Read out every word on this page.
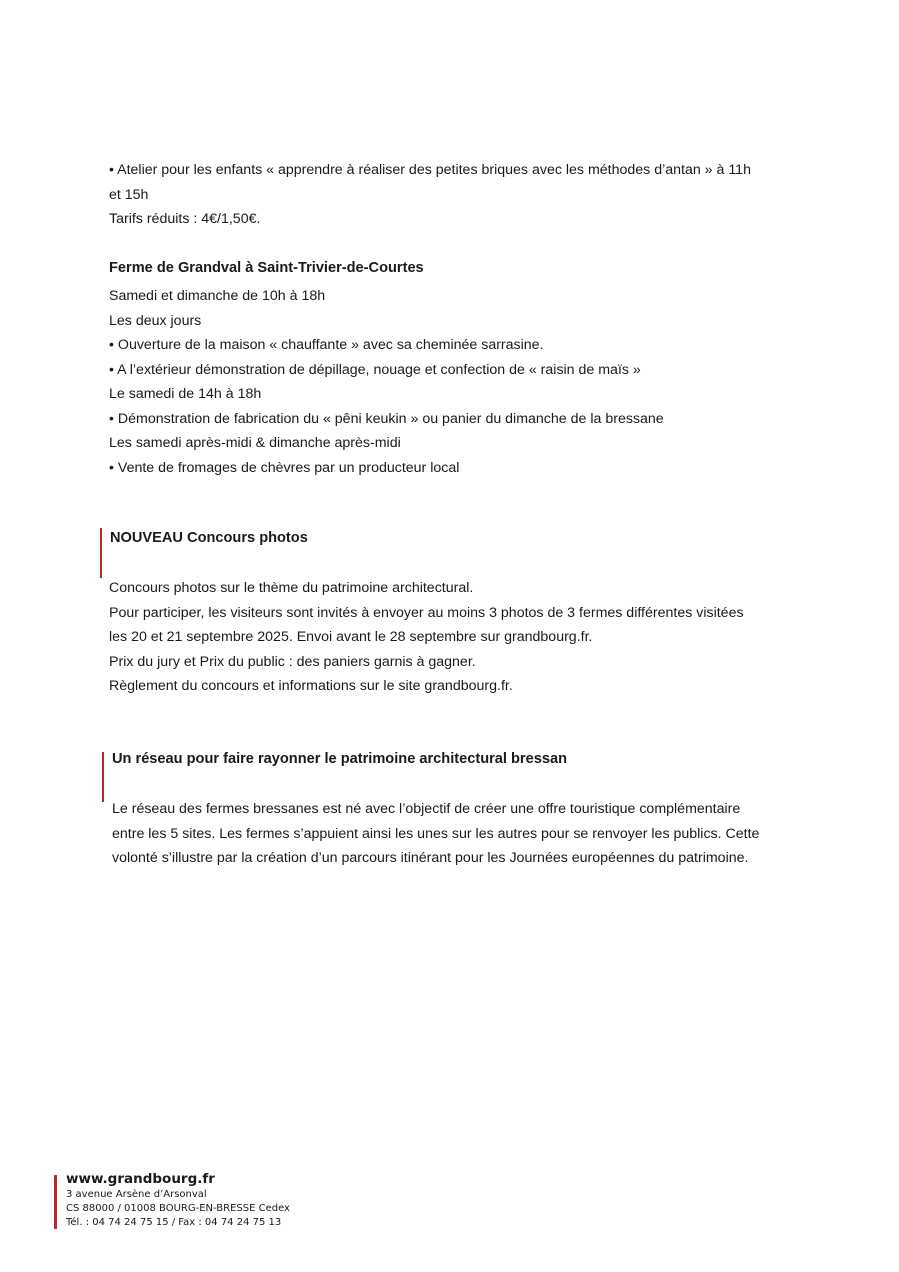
• Atelier pour les enfants « apprendre à réaliser des petites briques avec les méthodes d’antan » à 11h

et 15h

Tarifs réduits : 4€/1,50€.

Ferme de Grandval à Saint-Trivier-de-Courtes

Samedi et dimanche de 10h à 18h

Les deux jours

• Ouverture de la maison « chauffante » avec sa cheminée sarrasine.

• A l’extérieur démonstration de dépillage, nouage et confection de « raisin de maïs »

Le samedi de 14h à 18h

• Démonstration de fabrication du « pêni keukin » ou panier du dimanche de la bressane

Les samedi après-midi & dimanche après-midi

• Vente de fromages de chèvres par un producteur local

NOUVEAU Concours photos

Concours photos sur le thème du patrimoine architectural.

Pour participer, les visiteurs sont invités à envoyer au moins 3 photos de 3 fermes différentes visitées

les 20 et 21 septembre 2025. Envoi avant le 28 septembre sur grandbourg.fr.

Prix du jury et Prix du public : des paniers garnis à gagner.

Règlement du concours et informations sur le site grandbourg.fr.

Un réseau pour faire rayonner le patrimoine architectural bressan

Le réseau des fermes bressanes est né avec l’objectif de créer une offre touristique complémentaire

entre les 5 sites. Les fermes s’appuient ainsi les unes sur les autres pour se renvoyer les publics. Cette

volonté s’illustre par la création d’un parcours itinérant pour les Journées européennes du patrimoine.

www.grandbourg.fr

3 avenue Arsène d’Arsonval

CS 88000 / 01008 BOURG-EN-BRESSE Cedex

Tél. : 04 74 24 75 15 / Fax : 04 74 24 75 13
